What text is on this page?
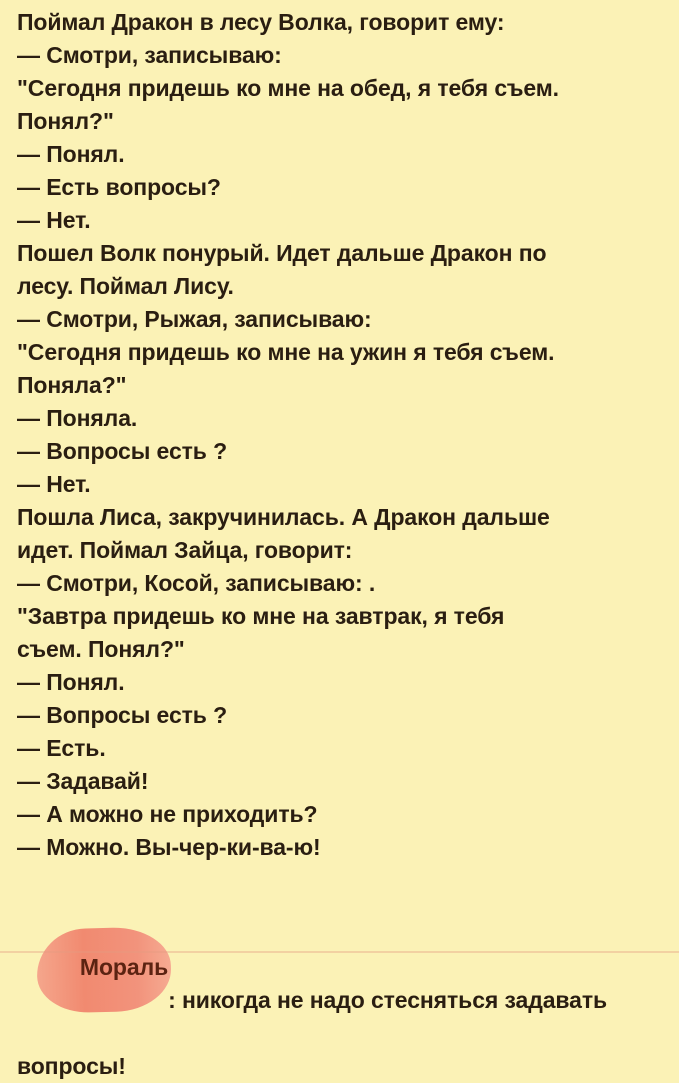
Поймал Дракон в лесу Волка, говорит ему:
— Смотри, записываю:
"Сегодня придешь ко мне на обед, я тебя съем.
Понял?"
— Понял.
— Есть вопросы?
— Нет.
Пошел Волк понурый. Идет дальше Дракон по
лесу. Поймал Лису.
— Смотри, Рыжая, записываю:
"Сегодня придешь ко мне на ужин я тебя съем.
Поняла?"
— Поняла.
— Вопросы есть ?
— Нет.
Пошла Лиса, закручинилась. А Дракон дальше
идет. Поймал Зайца, говорит:
— Смотри, Косой, записываю: .
"Завтра придешь ко мне на завтрак, я тебя
съем. Понял?"
— Понял.
— Вопросы есть ?
— Есть.
— Задавай!
— А можно не приходить?
— Можно. Вы-чер-ки-ва-ю!

Мораль
: никогда не надо стесняться задавать

вопросы!
